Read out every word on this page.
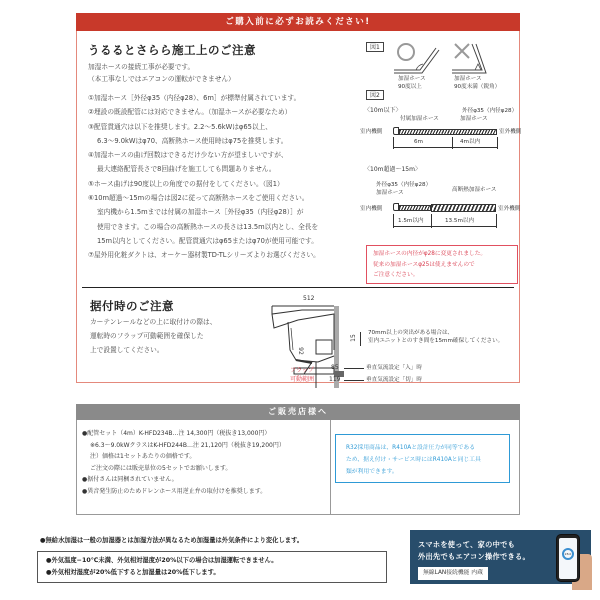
ご購入前に必ずお読みください!
うるるとさらら施工上のご注意
加湿ホースの接続工事が必要です。
（本工事なしではエアコンの運転ができません）
①加湿ホース［外径φ35（内径φ28）、6m］が標準付属されています。
②埋設の既設配管には対応できません。（加湿ホースが必要なため）
③配管貫通穴は以下を推奨します。2.2～5.6kWはφ65以上、
6.3～9.0kWはφ70、高断熱ホース使用時はφ75を推奨します。
④加湿ホースの曲げ回数はできるだけ少ない方が望ましいですが、
最大連絡配管長さで8回曲げを施工しても問題ありません。
⑤ホース曲げは90度以上の角度での据付をしてください。（図1）
⑥10m超過～15mの場合は図2に従って高断熱ホースをご使用ください。
室内機から1.5mまでは付属の加湿ホース［外径φ35（内径φ28）］が
使用できます。この場合の高断熱ホースの長さは13.5m以内とし、全長を
15m以内としてください。配管貫通穴はφ65またはφ70が使用可能です。
⑦屋外用化粧ダクトは、オーケー器材製TD-TLシリーズよりお選びください。
図1
加湿ホース
90度以上
加湿ホース
90度未満（鋭角）
図2
〈10m以下〉	外径φ35（内径φ28）
付属加湿ホース	加湿ホース
室内機側	室外機側
6m	4m以内
〈10m超過～15m〉
外径φ35（内径φ28）
加湿ホース	高断熱加湿ホース
室内機側	室外機側
1.5m以内	13.5m以内
加湿ホースの内径がφ28に変更されました。
従来の加湿ホースφ25は使えませんので
ご注意ください。
据付時のご注意
カーテンレールなどの上に取付けの際は、
運転時のフラップ可動範囲を確保した
上で設置してください。
512
92
15
70mm以上の突出がある場合は、
室内ユニットとのすき間を15mm確保してください。
フラップ
可動範囲
85
119
垂直気流設定「入」時
垂直気流設定「切」時
ご販売店様へ
●配管セット（4m）K-HFD234B…注 14,300円（税抜き13,000円）
※6.3～9.0kWクラスはK-HFD244B…注 21,120円（税抜き19,200円）
注）価格は1セットあたりの価格です。
ご注文の際には販売単位の5セットでお願いします。
●据付さんは同梱されていません。
●異音発生防止のためドレンホース用逆止弁の取付けを推奨します。
R32採用商品は、R410Aと設計圧力が同等である
ため、据え付け・サービス時にはR410Aと同じ工具
類が利用できます。
●無給水加湿は一般の加湿器とは加湿方法が異なるため加湿量は外気条件により変化します。
●外気温度−10℃未満、外気相対湿度が20%以下の場合は加湿運転できません。
●外気相対湿度が20%低下すると加湿量は20%低下します。
スマホを使って、家の中でも
外出先でもエアコン操作できる。
無線LAN接続機能 内蔵
28.0
